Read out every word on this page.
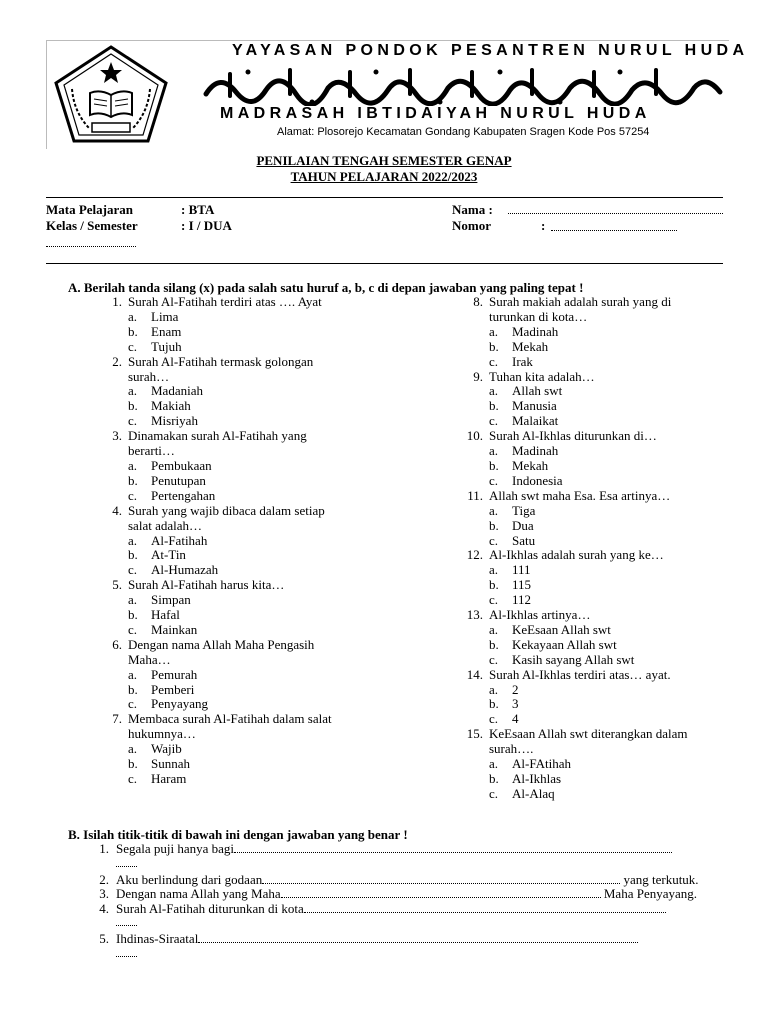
YAYASAN PONDOK PESANTREN NURUL HUDA
MADRASAH IBTIDAIYAH NURUL HUDA
Alamat: Plosorejo Kecamatan Gondang Kabupaten Sragen Kode Pos 57254
PENILAIAN TENGAH SEMESTER GENAP
TAHUN PELAJARAN 2022/2023
Mata Pelajaran	: BTA	Nama :
Kelas / Semester	: I / DUA	Nomor	:
A. Berilah tanda silang (x) pada salah satu huruf a, b, c di depan jawaban yang paling tepat !
1. Surah Al-Fatihah terdiri atas …. Ayat
a. Lima
b. Enam
c. Tujuh
2. Surah Al-Fatihah termask golongan
surah…
a. Madaniah
b. Makiah
c. Misriyah
3. Dinamakan surah Al-Fatihah yang
berarti…
a. Pembukaan
b. Penutupan
c. Pertengahan
4. Surah yang wajib dibaca dalam setiap
salat adalah…
a. Al-Fatihah
b. At-Tin
c. Al-Humazah
5. Surah Al-Fatihah harus kita…
a. Simpan
b. Hafal
c. Mainkan
6. Dengan nama Allah Maha Pengasih
Maha…
a. Pemurah
b. Pemberi
c. Penyayang
7. Membaca surah Al-Fatihah dalam salat
hukumnya…
a. Wajib
b. Sunnah
c. Haram
8. Surah makiah adalah surah yang di
turunkan di kota…
a. Madinah
b. Mekah
c. Irak
9. Tuhan kita adalah…
a. Allah swt
b. Manusia
c. Malaikat
10. Surah Al-Ikhlas diturunkan di…
a. Madinah
b. Mekah
c. Indonesia
11. Allah swt maha Esa. Esa artinya…
a. Tiga
b. Dua
c. Satu
12. Al-Ikhlas adalah surah yang ke…
a. 111
b. 115
c. 112
13. Al-Ikhlas artinya…
a. KeEsaan Allah swt
b. Kekayaan Allah swt
c. Kasih sayang Allah swt
14. Surah Al-Ikhlas terdiri atas… ayat.
a. 2
b. 3
c. 4
15. KeEsaan Allah swt diterangkan dalam
surah….
a. Al-FAtihah
b. Al-Ikhlas
c. Al-Alaq
B. Isilah titik-titik di bawah ini dengan jawaban yang benar !
1. Segala puji hanya bagi
2. Aku berlindung dari godaan	yang terkutuk.
3. Dengan nama Allah yang Maha	Maha Penyayang.
4. Surah Al-Fatihah diturunkan di kota
5. Ihdinas-Siraatal
